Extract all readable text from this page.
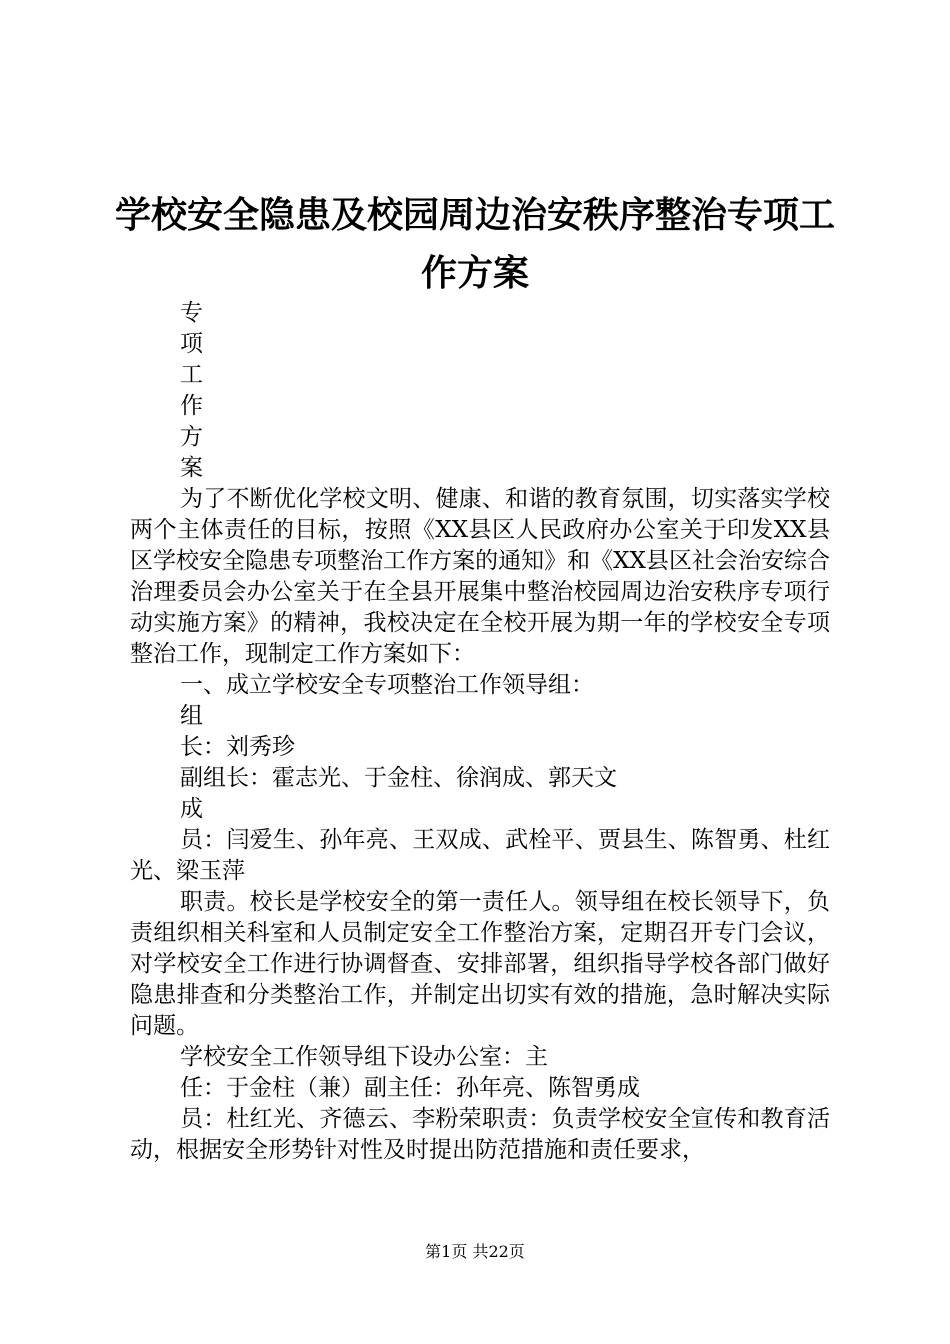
学校安全隐患及校园周边治安秩序整治专项工
作方案

专
项
工
作
方
案

为了不断优化学校文明、健康、和谐的教育氛围，切实落实学校两个主体责任的目标，按照《XX县区人民政府办公室关于印发XX县区学校安全隐患专项整治工作方案的通知》和《XX县区社会治安综合治理委员会办公室关于在全县开展集中整治校园周边治安秩序专项行动实施方案》的精神，我校决定在全校开展为期一年的学校安全专项整治工作，现制定工作方案如下：

一、成立学校安全专项整治工作领导组：

组

长：刘秀珍

副组长：霍志光、于金柱、徐润成、郭天文

成

员：闫爱生、孙年亮、王双成、武栓平、贾县生、陈智勇、杜红光、梁玉萍

职责。校长是学校安全的第一责任人。领导组在校长领导下，负责组织相关科室和人员制定安全工作整治方案，定期召开专门会议，对学校安全工作进行协调督查、安排部署，组织指导学校各部门做好隐患排查和分类整治工作，并制定出切实有效的措施，急时解决实际问题。

学校安全工作领导组下设办公室：主

任：于金柱（兼）副主任：孙年亮、陈智勇成

员：杜红光、齐德云、李粉荣职责：负责学校安全宣传和教育活动，根据安全形势针对性及时提出防范措施和责任要求，

第1页 共22页
